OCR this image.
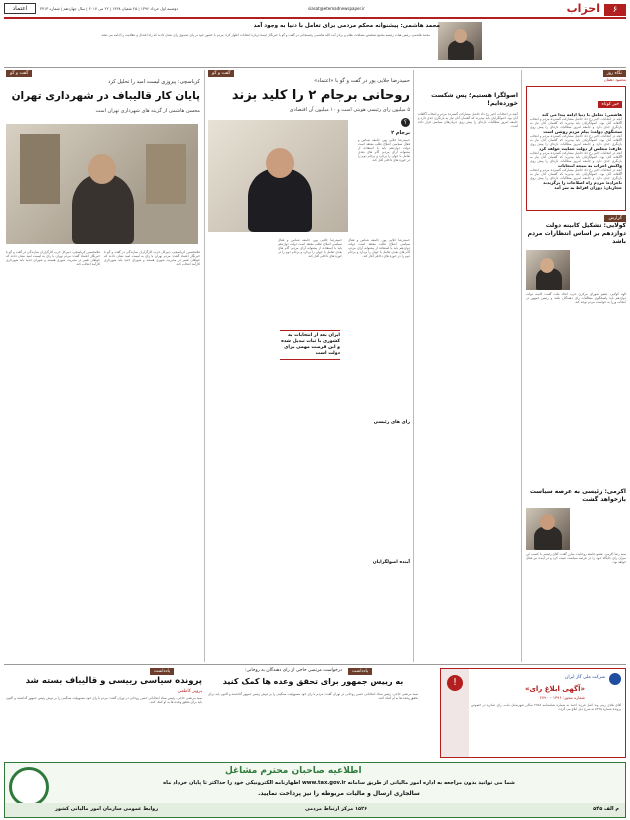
۶
احزاب
siasat@etemadnewspaper.ir
دوشنبه اول خرداد ۱۳۹۶ | ۲۵ شعبان ۱۴۳۸ | ۲۲ می ۲۰۱۷ | سال چهاردهم | شماره ۳۷۱۳
اعتماد
محمد هاشمی: پیشنوانه محکم مردمی برای تعامل با دنیا به وجود آمد
محمد هاشمی، رئیس هیات رئیسه مجمع تشخیص مصلحت نظام و برادر آیت الله هاشمی رفسنجانی در گفت و گو با خبرنگار ایسنا درباره انتخابات اظهار کرد: مردم با حضور خود در پای صندوق رای نشان دادند که راه اعتدال و عقلانیت را ادامه می دهند.
نگاه روز
محمود دهقان
خبر کوتاه
هاشمی: تعامل با دنیا ادامه پیدا می کند
آنچه در انتخابات اخیر رخ داد حاصل مشارکت گسترده مردم و انتخاب آگاهانه آنان بود. اصولگرایان باید بپذیرند که گفتمان آنان نیاز به بازنگری جدی دارد و جامعه امروز مطالبات تازه‌ای را پیش روی
سخنگوی دولت: پیام مردم روشن است
آنچه در انتخابات اخیر رخ داد حاصل مشارکت گسترده مردم و انتخاب آگاهانه آنان بود. اصولگرایان باید بپذیرند که گفتمان آنان نیاز به بازنگری جدی دارد و جامعه امروز مطالبات تازه‌ای را پیش روی
عارف: مجلس از دولت حمایت خواهد کرد
آنچه در انتخابات اخیر رخ داد حاصل مشارکت گسترده مردم و انتخاب آگاهانه آنان بود. اصولگرایان باید بپذیرند که گفتمان آنان نیاز به بازنگری جدی دارد و جامعه امروز مطالبات تازه‌ای را پیش روی
واکنش احزاب به نتیجه انتخابات
آنچه در انتخابات اخیر رخ داد حاصل مشارکت گسترده مردم و انتخاب آگاهانه آنان بود. اصولگرایان باید بپذیرند که گفتمان آنان نیاز به بازنگری جدی دارد و جامعه امروز مطالبات تازه‌ای را پیش روی
تاجزاده: مردم راه اصلاحات را برگزیدند
حجاریان: دوران افراط به سر آمد
گزارش
کولایی: تشکیل کابینه دولت دوازدهم بر اساس انتظارات مردم باشد
الهه کولایی، عضو شورای مرکزی حزب اتحاد ملت گفت: کابینه دولت دوازدهم باید پاسخگوی مطالبات رای دهندگان باشد و رئیس جمهور در انتخاب وزرا به خواست مردم توجه کند.
اکرمی: رئیسی به عرصه سیاست بازخواهد گشت
سید رضا اکرمی، عضو جامعه روحانیت مبارز گفت: آقای رئیسی با کسب این میزان رای جایگاه خود را در عرصه سیاست تثبیت کرد و در آینده نیز فعال خواهد بود.
اصولگرا هستیم؛ پس شکست خورده‌ایم!
آنچه در انتخابات اخیر رخ داد حاصل مشارکت گسترده مردم و انتخاب آگاهانه آنان بود. اصولگرایان باید بپذیرند که گفتمان آنان نیاز به بازنگری جدی دارد و جامعه امروز مطالبات تازه‌ای را پیش روی جریان‌های سیاسی قرار داده است.
گفت و گو
حمیدرضا جلایی پور در گفت و گو با «اعتماد»
روحانی برجام ۲ را کلید بزند
۵ میلیون رای رئیسی هویتی است و ۱۰ میلیون آن اقتصادی
؟
برجام ۲
حمیدرضا جلایی پور، جامعه شناس و فعال سیاسی اصلاح طلب معتقد است دولت دوازدهم باید با استفاده از پشتوانه آرای مردم، گام های بعدی تعامل با جهان را بردارد و برجام دوم را در حوزه های داخلی آغاز کند.
حمیدرضا جلایی پور، جامعه شناس و فعال سیاسی اصلاح طلب معتقد است دولت دوازدهم باید با استفاده از پشتوانه آرای مردم، گام های بعدی تعامل با جهان را بردارد و برجام دوم را در حوزه های داخلی آغاز کند.
حمیدرضا جلایی پور، جامعه شناس و فعال سیاسی اصلاح طلب معتقد است دولت دوازدهم باید با استفاده از پشتوانه آرای مردم، گام های بعدی تعامل با جهان را بردارد و برجام دوم را در حوزه های داخلی آغاز کند.
ایران بعد از انتخابات به کشوری با ثبات تبدیل شده و این فرصت مهمی برای دولت است
رای های رئیسی
آینده اصولگرایان
گفت و گو
کرباسچی: پیروزی لیست امید را تحلیل کرد
پایان کار قالیباف در شهرداری تهران
محسن هاشمی از گزینه های شهرداری تهران است
غلامحسین کرباسچی، دبیرکل حزب کارگزاران سازندگی در گفت و گو با خبرنگار اعتماد گفت: مردم تهران با رای به لیست امید نشان دادند که خواهان تغییر در مدیریت شهری هستند و شورای جدید باید شهرداری کارآمد انتخاب کند.
غلامحسین کرباسچی، دبیرکل حزب کارگزاران سازندگی در گفت و گو با خبرنگار اعتماد گفت: مردم تهران با رای به لیست امید نشان دادند که خواهان تغییر در مدیریت شهری هستند و شورای جدید باید شهرداری کارآمد انتخاب کند.
یادداشت
پرونده سیاسی رییسی و قالیباف بسته شد
پرویز کاظمی
سید مرتضی حاجی، رئیس ستاد انتخاباتی حسن روحانی در تهران گفت: مردم با رای خود مسوولیت سنگینی را بر دوش رئیس جمهور گذاشتند و اکنون باید برای تحقق وعده ها به او کمک کنند.
یادداشت
درخواست مرتضی حاجی از رای دهندگان به روحانی:
به رییس جمهور برای تحقق وعده ها کمک کنید
سید مرتضی حاجی، رئیس ستاد انتخاباتی حسن روحانی در تهران گفت: مردم با رای خود مسوولیت سنگینی را بر دوش رئیس جمهور گذاشتند و اکنون باید برای تحقق وعده ها به او کمک کنند.
شرکت ملی گاز ایران
«آگهی ابلاغ رای»
شماره مجوز: ۱۳۹۶ – ۲۷۹۰
آقای هادی زینی وند اصل فرزند احمد به شماره شناسنامه ۲۷۸۸ ساکن شهرستان بناب، رای صادره در خصوص پرونده شماره ۵۲۹۵ به شرح ذیل ابلاغ می گردد.
!
اطلاعیه صاحبان محترم مشاغل
شما می توانید بدون مراجعه به اداره امور مالیاتی از طریق سامانه www.tax.gov.ir اظهارنامه الکترونیکی خود را حداکثر تا پایان خرداد ماه
سالجاری ارسال و مالیات مربوطه را نیز پرداخت نمایید.
روابط عمومی سازمان امور مالیاتی کشور	۱۵۲۶ مرکز ارتباط مردمی	م الف ۵۴۵
